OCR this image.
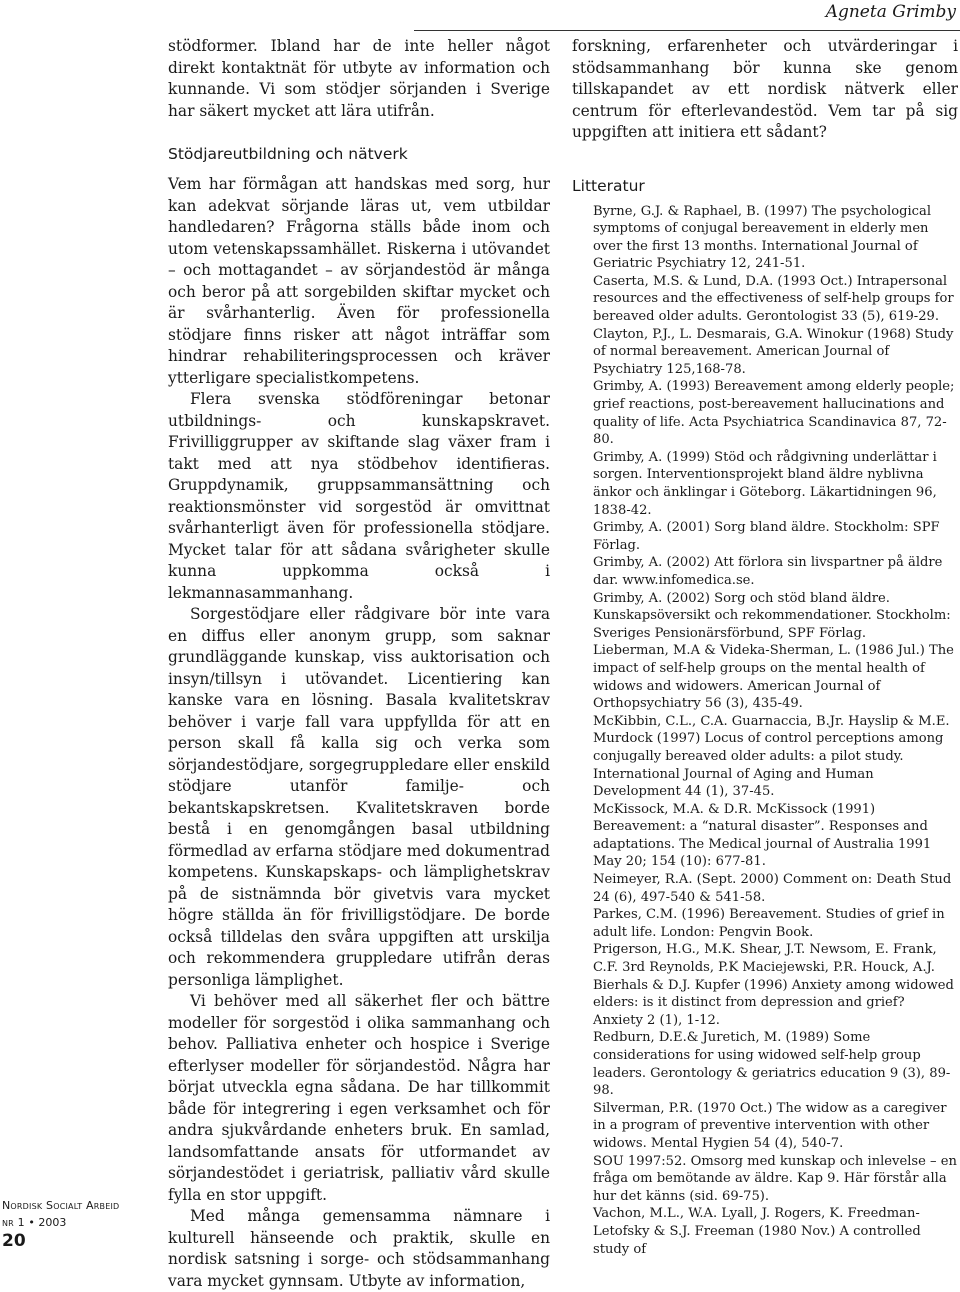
Agneta Grimby

stödformer. Ibland har de inte heller något direkt kontaktnät för utbyte av information och kunnande. Vi som stödjer sörjanden i Sverige har säkert mycket att lära utifrån.

Stödjareutbildning och nätverk

Vem har förmågan att handskas med sorg, hur kan adekvat sörjande läras ut, vem utbildar handledaren? Frågorna ställs både inom och utom vetenskapssamhället. Riskerna i utövandet – och mottagandet – av sörjandestöd är många och beror på att sorgebilden skiftar mycket och är svårhanterlig. Även för professionella stödjare finns risker att något inträffar som hindrar rehabiliteringsprocessen och kräver ytterligare specialistkompetens.

Flera svenska stödföreningar betonar utbildnings- och kunskapskravet. Frivilliggrupper av skiftande slag växer fram i takt med att nya stödbehov identifieras. Gruppdynamik, gruppsammansättning och reaktionsmönster vid sorgestöd är omvittnat svårhanterligt även för professionella stödjare. Mycket talar för att sådana svårigheter skulle kunna uppkomma också i lekmannasammanhang.

Sorgestödjare eller rådgivare bör inte vara en diffus eller anonym grupp, som saknar grundläggande kunskap, viss auktorisation och insyn/tillsyn i utövandet. Licentiering kan kanske vara en lösning. Basala kvalitetskrav behöver i varje fall vara uppfyllda för att en person skall få kalla sig och verka som sörjandestödjare, sorgegruppledare eller enskild stödjare utanför familje- och bekantskapskretsen. Kvalitetskraven borde bestå i en genomgången basal utbildning förmedlad av erfarna stödjare med dokumentrad kompetens. Kunskapskaps- och lämplighetskrav på de sistnämnda bör givetvis vara mycket högre ställda än för frivilligstödjare. De borde också tilldelas den svåra uppgiften att urskilja och rekommendera gruppledare utifrån deras personliga lämplighet.

Vi behöver med all säkerhet fler och bättre modeller för sorgestöd i olika sammanhang och behov. Palliativa enheter och hospice i Sverige efterlyser modeller för sörjandestöd. Några har börjat utveckla egna sådana. De har tillkommit både för integrering i egen verksamhet och för andra sjukvårdande enheters bruk. En samlad, landsomfattande ansats för utformandet av sörjandestödet i geriatrisk, palliativ vård skulle fylla en stor uppgift.

Med många gemensamma nämnare i kulturell hänseende och praktik, skulle en nordisk satsning i sorge- och stödsammanhang vara mycket gynnsam. Utbyte av information,

forskning, erfarenheter och utvärderingar i stödsammanhang bör kunna ske genom tillskapandet av ett nordisk nätverk eller centrum för efterlevandestöd. Vem tar på sig uppgiften att initiera ett sådant?

Litteratur

Byrne, G.J. & Raphael, B. (1997) The psychological symptoms of conjugal bereavement in elderly men over the first 13 months. International Journal of Geriatric Psychiatry 12, 241-51.

Caserta, M.S. & Lund, D.A. (1993 Oct.) Intrapersonal resources and the effectiveness of self-help groups for bereaved older adults. Gerontologist 33 (5), 619-29.

Clayton, P.J., L. Desmarais, G.A. Winokur (1968) Study of normal bereavement. American Journal of Psychiatry 125,168-78.

Grimby, A. (1993) Bereavement among elderly people; grief reactions, post-bereavement hallucinations and quality of life. Acta Psychiatrica Scandinavica 87, 72-80.

Grimby, A. (1999) Stöd och rådgivning underlättar i sorgen. Interventionsprojekt bland äldre nyblivna änkor och änklingar i Göteborg. Läkartidningen 96, 1838-42.

Grimby, A. (2001) Sorg bland äldre. Stockholm: SPF Förlag.

Grimby, A. (2002) Att förlora sin livspartner på äldre dar. www.infomedica.se.

Grimby, A. (2002) Sorg och stöd bland äldre. Kunskapsöversikt och rekommendationer. Stockholm: Sveriges Pensionärsförbund, SPF Förlag.

Lieberman, M.A & Videka-Sherman, L. (1986 Jul.) The impact of self-help groups on the mental health of widows and widowers. American Journal of Orthopsychiatry 56 (3), 435-49.

McKibbin, C.L., C.A. Guarnaccia, B.Jr. Hayslip & M.E. Murdock (1997) Locus of control perceptions among conjugally bereaved older adults: a pilot study. International Journal of Aging and Human Development 44 (1), 37-45.

McKissock, M.A. & D.R. McKissock (1991) Bereavement: a “natural disaster”. Responses and adaptations. The Medical journal of Australia 1991 May 20; 154 (10): 677-81.

Neimeyer, R.A. (Sept. 2000) Comment on: Death Stud 24 (6), 497-540 & 541-58.

Parkes, C.M. (1996) Bereavement. Studies of grief in adult life. London: Pengvin Book.

Prigerson, H.G., M.K. Shear, J.T. Newsom, E. Frank, C.F. 3rd Reynolds, P.K Maciejewski, P.R. Houck, A.J. Bierhals & D.J. Kupfer (1996) Anxiety among widowed elders: is it distinct from depression and grief? Anxiety 2 (1), 1-12.

Redburn, D.E.& Juretich, M. (1989) Some considerations for using widowed self-help group leaders. Gerontology & geriatrics education 9 (3), 89-98.

Silverman, P.R. (1970 Oct.) The widow as a caregiver in a program of preventive intervention with other widows. Mental Hygien 54 (4), 540-7.

SOU 1997:52. Omsorg med kunskap och inlevelse – en fråga om bemötande av äldre. Kap 9. Här förstår alla hur det känns (sid. 69-75).

Vachon, M.L., W.A. Lyall, J. Rogers, K. Freedman-Letofsky & S.J. Freeman (1980 Nov.) A controlled study of

Nordisk Socialt Arbeid
nr 1 • 2003
20
